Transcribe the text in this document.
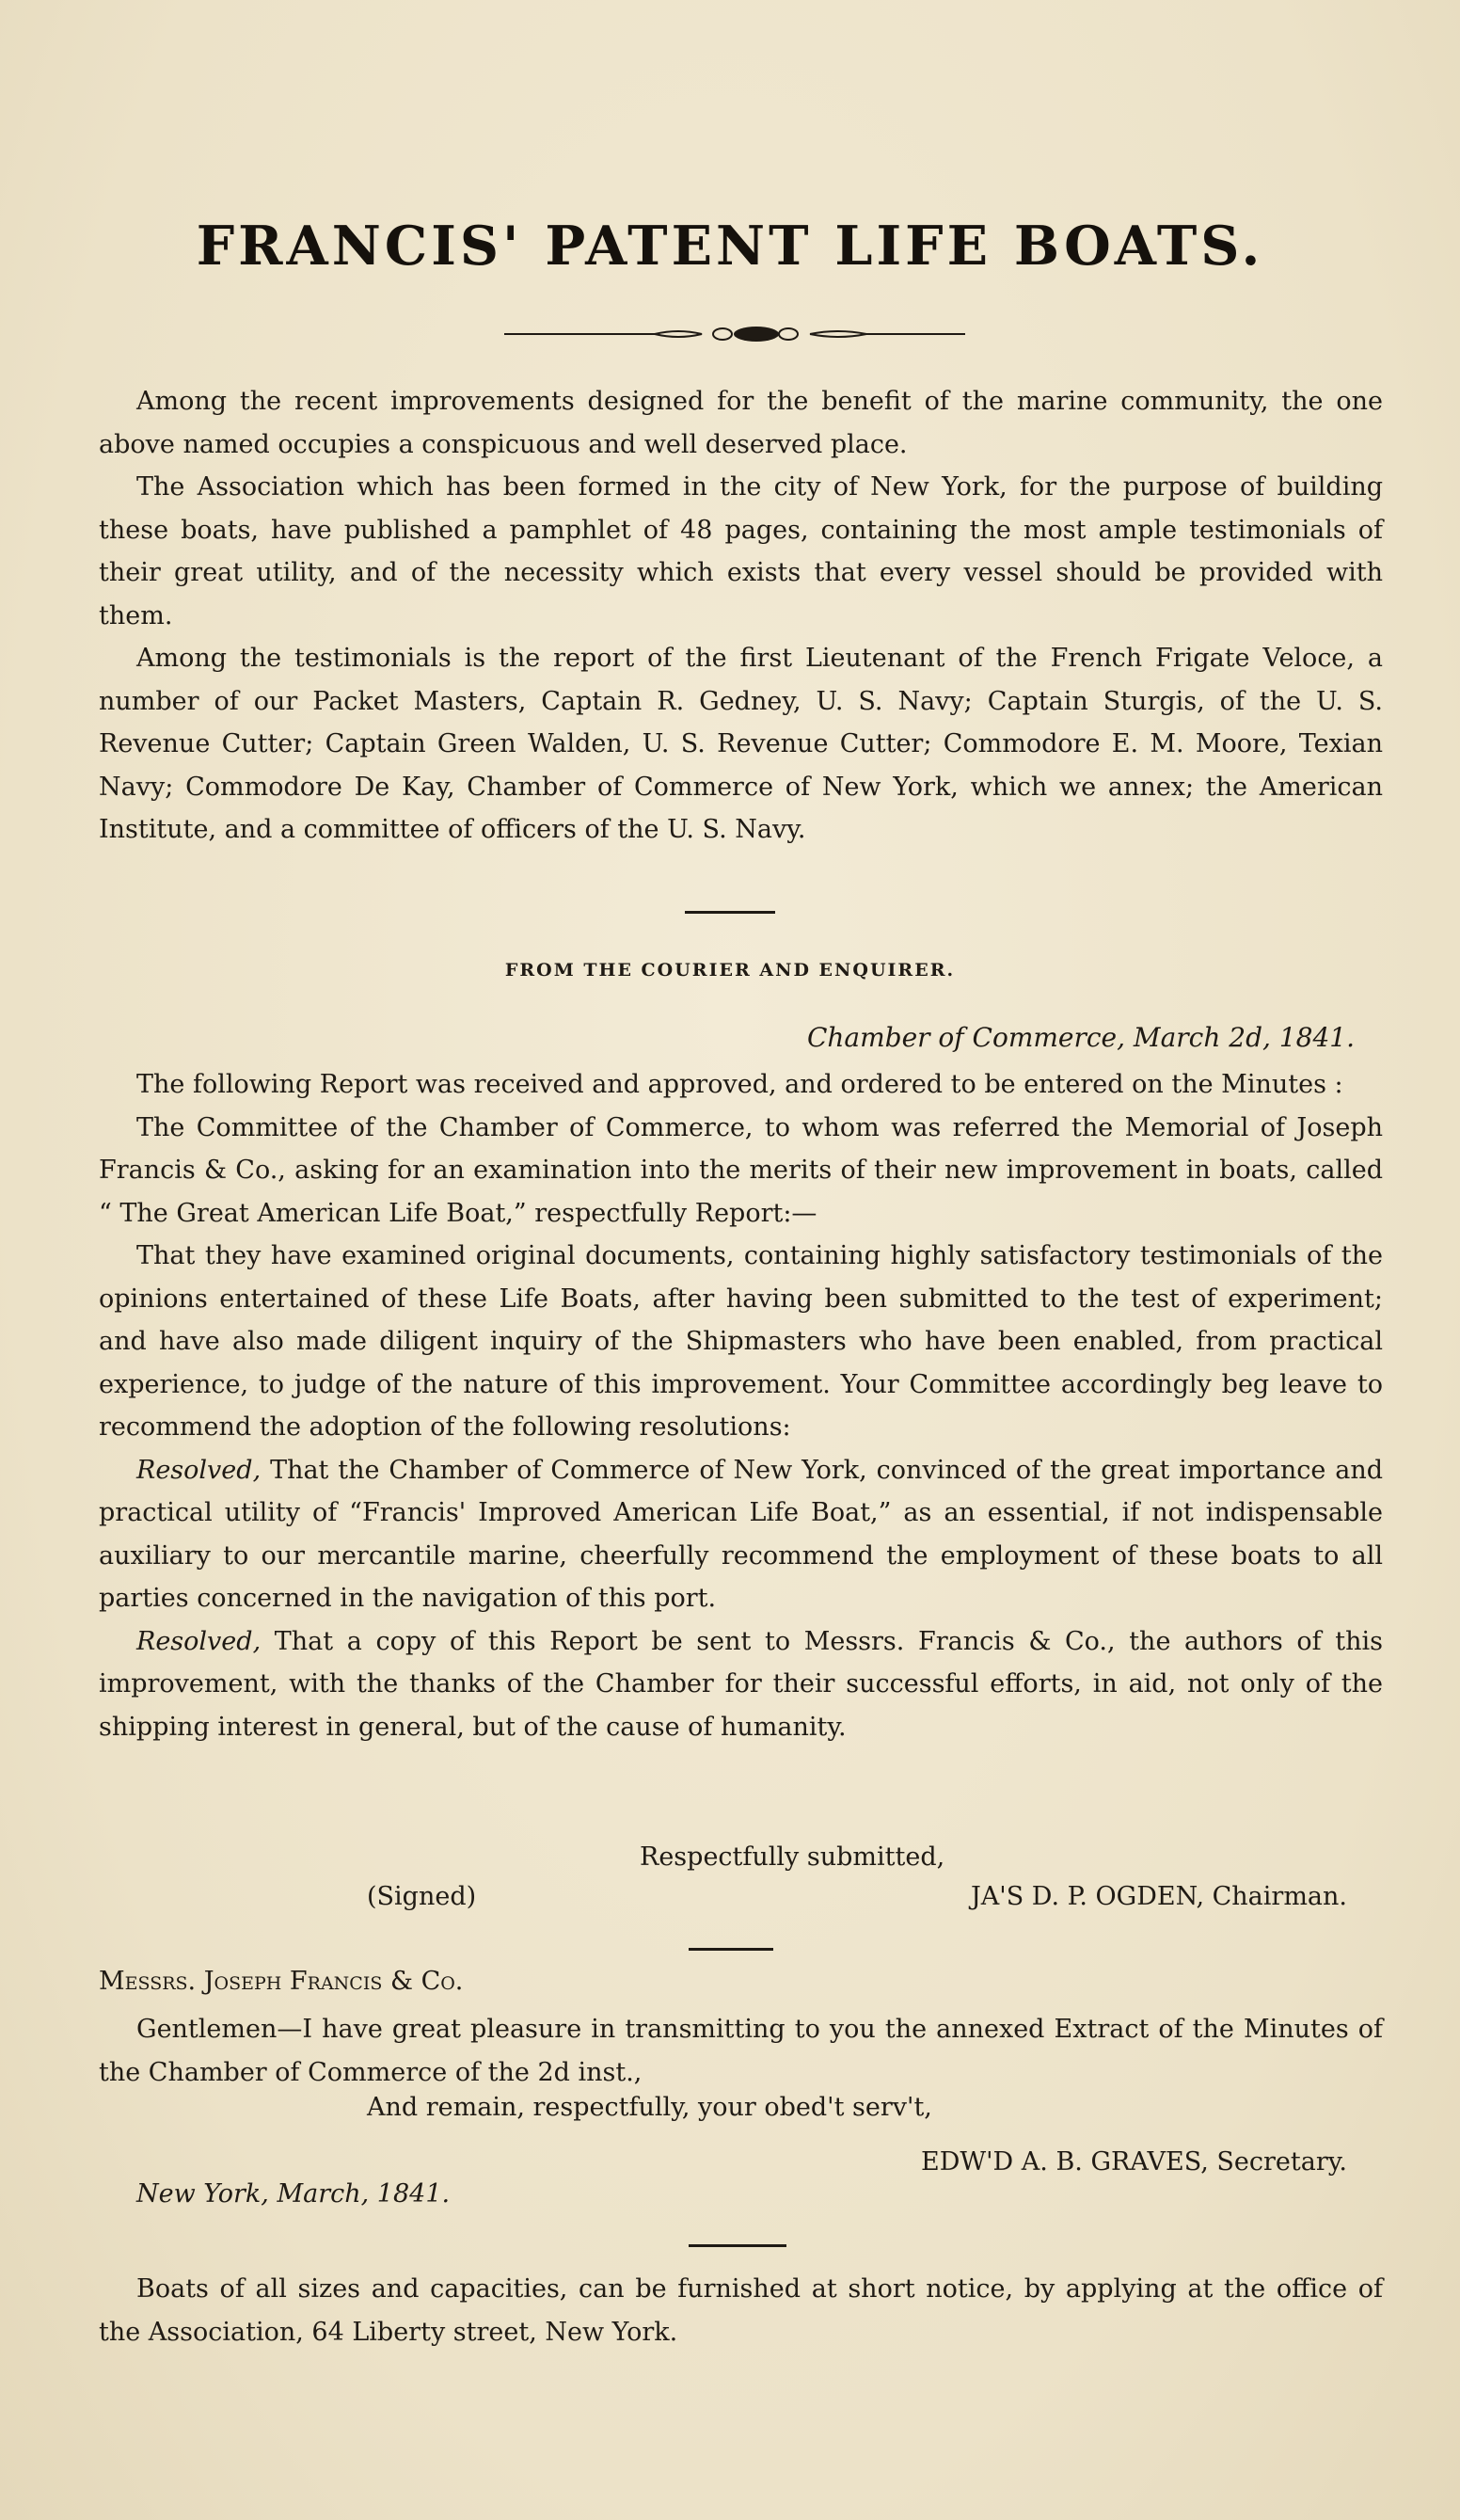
FRANCIS' PATENT LIFE BOATS.

Among the recent improvements designed for the benefit of the marine community, the one above named occupies a conspicuous and well deserved place.

The Association which has been formed in the city of New York, for the purpose of building these boats, have published a pamphlet of 48 pages, containing the most ample testimonials of their great utility, and of the necessity which exists that every vessel should be provided with them.

Among the testimonials is the report of the first Lieutenant of the French Frigate Veloce, a number of our Packet Masters, Captain R. Gedney, U. S. Navy; Captain Sturgis, of the U. S. Revenue Cutter; Captain Green Walden, U. S. Revenue Cutter; Commodore E. M. Moore, Texian Navy; Commodore De Kay, Chamber of Commerce of New York, which we annex; the American Institute, and a committee of officers of the U. S. Navy.

FROM THE COURIER AND ENQUIRER.
Chamber of Commerce, March 2d, 1841.

The following Report was received and approved, and ordered to be entered on the Minutes :

The Committee of the Chamber of Commerce, to whom was referred the Memorial of Joseph Francis & Co., asking for an examination into the merits of their new improvement in boats, called “ The Great American Life Boat,” respectfully Report:—

That they have examined original documents, containing highly satisfactory testimonials of the opinions entertained of these Life Boats, after having been submitted to the test of experiment; and have also made diligent inquiry of the Shipmasters who have been enabled, from practical experience, to judge of the nature of this improvement. Your Committee accordingly beg leave to recommend the adoption of the following resolutions:

Resolved, That the Chamber of Commerce of New York, convinced of the great importance and practical utility of “Francis' Improved American Life Boat,” as an essential, if not indispensable auxiliary to our mercantile marine, cheerfully recommend the employment of these boats to all parties concerned in the navigation of this port.

Resolved, That a copy of this Report be sent to Messrs. Francis & Co., the authors of this improvement, with the thanks of the Chamber for their successful efforts, in aid, not only of the shipping interest in general, but of the cause of humanity.

Respectfully submitted,
(Signed)	JA'S D. P. OGDEN, Chairman.
Messrs. Joseph Francis & Co.

Gentlemen—I have great pleasure in transmitting to you the annexed Extract of the Minutes of the Chamber of Commerce of the 2d inst.,

And remain, respectfully, your obed't serv't,
EDW'D A. B. GRAVES, Secretary.
New York, March, 1841.

Boats of all sizes and capacities, can be furnished at short notice, by applying at the office of the Association, 64 Liberty street, New York.
